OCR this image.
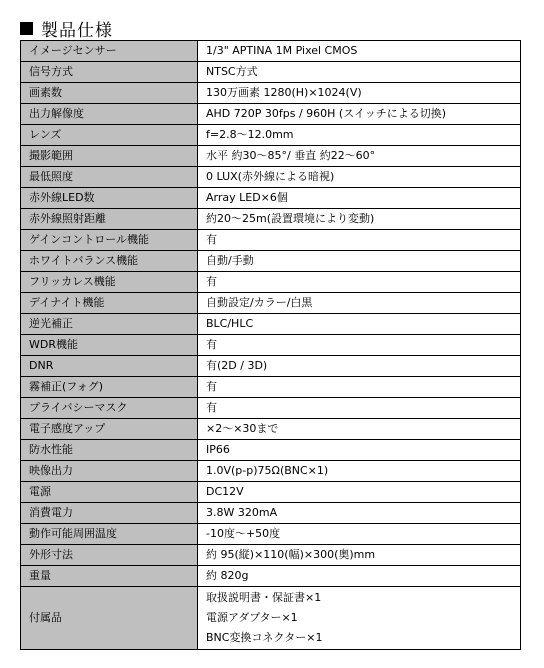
製品仕様
イメージセンサー	1/3" APTINA 1M Pixel CMOS
信号方式	NTSC方式
画素数	130万画素 1280(H)×1024(V)
出力解像度	AHD 720P 30fps / 960H (スイッチによる切換)
レンズ	f=2.8〜12.0mm
撮影範囲	水平 約30〜85°/ 垂直 約22〜60°
最低照度	0 LUX(赤外線による暗視)
赤外線LED数	Array LED×6個
赤外線照射距離	約20〜25m(設置環境により変動)
ゲインコントロール機能	有
ホワイトバランス機能	自動/手動
フリッカレス機能	有
デイナイト機能	自動設定/カラー/白黒
逆光補正	BLC/HLC
WDR機能	有
DNR	有(2D / 3D)
霧補正(フォグ)	有
プライバシーマスク	有
電子感度アップ	×2〜×30まで
防水性能	IP66
映像出力	1.0V(p-p)75Ω(BNC×1)
電源	DC12V
消費電力	3.8W 320mA
動作可能周囲温度	-10度〜+50度
外形寸法	約 95(縦)×110(幅)×300(奥)mm
重量	約 820g
付属品	取扱説明書・保証書×1
電源アダプター×1
BNC変換コネクター×1
